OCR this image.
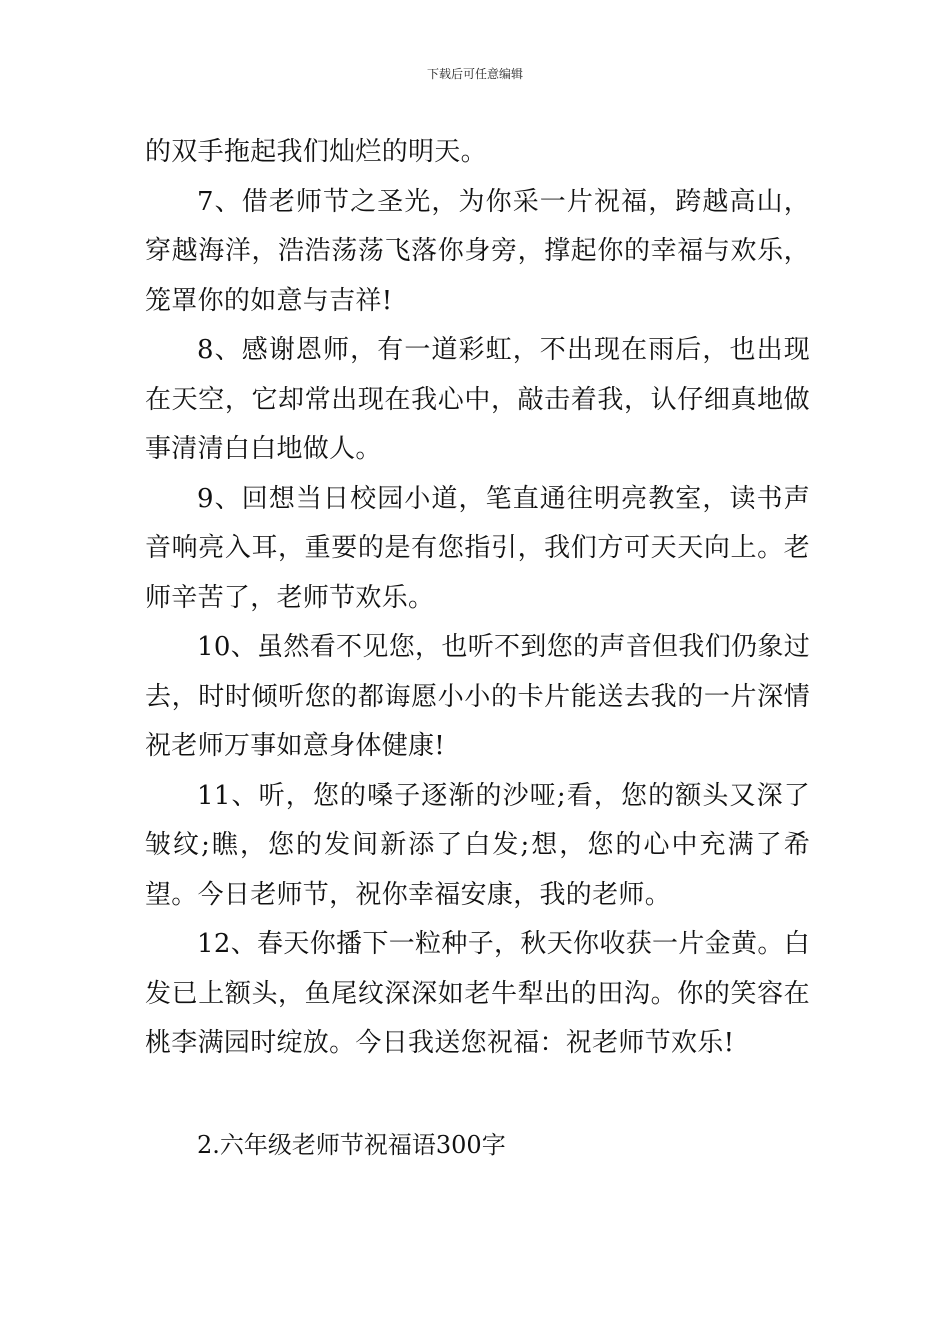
下载后可任意编辑

的双手拖起我们灿烂的明天。

7、借老师节之圣光，为你采一片祝福，跨越高山，穿越海洋，浩浩荡荡飞落你身旁，撑起你的幸福与欢乐，笼罩你的如意与吉祥!

8、感谢恩师，有一道彩虹，不出现在雨后，也出现在天空，它却常出现在我心中，敲击着我，认仔细真地做事清清白白地做人。

9、回想当日校园小道，笔直通往明亮教室，读书声音响亮入耳，重要的是有您指引，我们方可天天向上。老师辛苦了，老师节欢乐。

10、虽然看不见您，也听不到您的声音但我们仍象过去，时时倾听您的都诲愿小小的卡片能送去我的一片深情祝老师万事如意身体健康!

11、听，您的嗓子逐渐的沙哑;看，您的额头又深了皱纹;瞧，您的发间新添了白发;想，您的心中充满了希望。今日老师节，祝你幸福安康，我的老师。

12、春天你播下一粒种子，秋天你收获一片金黄。白发已上额头，鱼尾纹深深如老牛犁出的田沟。你的笑容在桃李满园时绽放。今日我送您祝福：祝老师节欢乐!

2.六年级老师节祝福语300字
